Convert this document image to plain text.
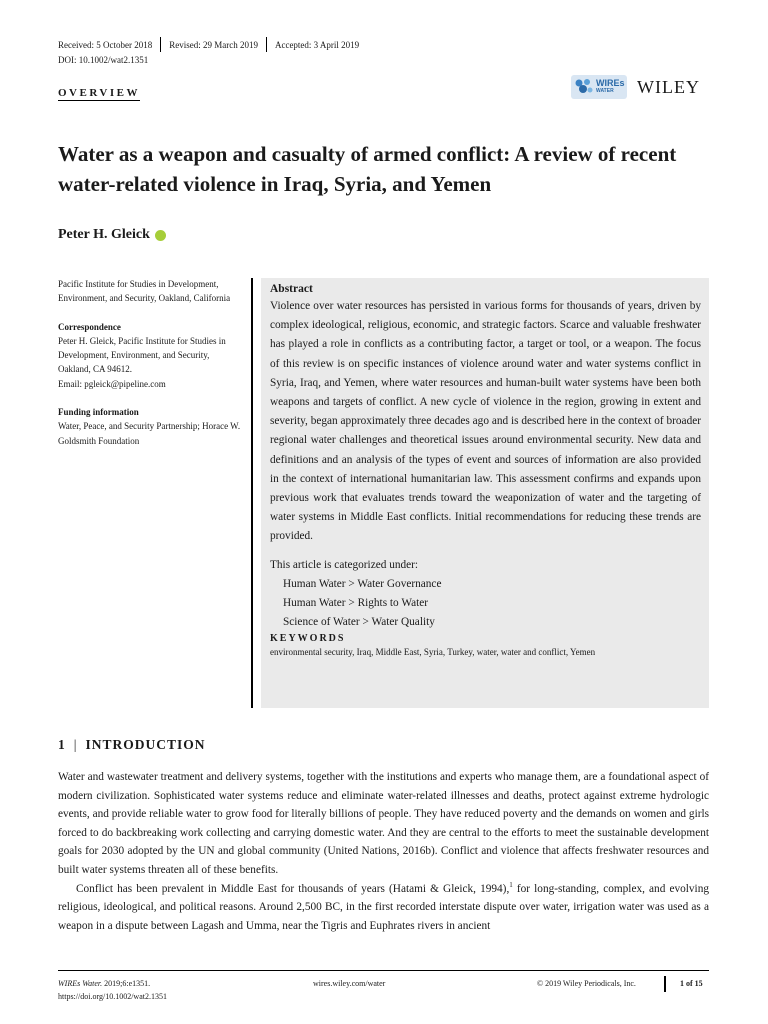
Received: 5 October 2018	Revised: 29 March 2019	Accepted: 3 April 2019
DOI: 10.1002/wat2.1351
OVERVIEW
WIREs
WATER	WILEY
Water as a weapon and casualty of armed conflict: A review of recent water-related violence in Iraq, Syria, and Yemen
Peter H. Gleick
Pacific Institute for Studies in Development, Environment, and Security, Oakland, California
Correspondence
Peter H. Gleick, Pacific Institute for Studies in Development, Environment, and Security, Oakland, CA 94612.
Email: pgleick@pipeline.com
Funding information
Water, Peace, and Security Partnership; Horace W. Goldsmith Foundation
Abstract
Violence over water resources has persisted in various forms for thousands of years, driven by complex ideological, religious, economic, and strategic factors. Scarce and valuable freshwater has played a role in conflicts as a contributing factor, a target or tool, or a weapon. The focus of this review is on specific instances of violence around water and water systems conflict in Syria, Iraq, and Yemen, where water resources and human-built water systems have been both weapons and targets of conflict. A new cycle of violence in the region, growing in extent and severity, began approximately three decades ago and is described here in the context of broader regional water challenges and theoretical issues around environmental security. New data and definitions and an analysis of the types of event and sources of information are also provided in the context of international humanitarian law. This assessment confirms and expands upon previous work that evaluates trends toward the weaponization of water and the targeting of water systems in Middle East conflicts. Initial recommendations for reducing these trends are provided.
This article is categorized under:
Human Water > Water Governance
Human Water > Rights to Water
Science of Water > Water Quality
KEYWORDS
environmental security, Iraq, Middle East, Syria, Turkey, water, water and conflict, Yemen
1 | INTRODUCTION

Water and wastewater treatment and delivery systems, together with the institutions and experts who manage them, are a foundational aspect of modern civilization. Sophisticated water systems reduce and eliminate water-related illnesses and deaths, protect against extreme hydrologic events, and provide reliable water to grow food for literally billions of people. They have reduced poverty and the demands on women and girls forced to do backbreaking work collecting and carrying domestic water. And they are central to the efforts to meet the sustainable development goals for 2030 adopted by the UN and global community (United Nations, 2016b). Conflict and violence that affects freshwater resources and built water systems threaten all of these benefits.

Conflict has been prevalent in Middle East for thousands of years (Hatami & Gleick, 1994),$^1$ for long-standing, complex, and evolving religious, ideological, and political reasons. Around 2,500 BC, in the first recorded interstate dispute over water, irrigation water was used as a weapon in a dispute between Lagash and Umma, near the Tigris and Euphrates rivers in ancient

WIREs Water. 2019;6:e1351.
https://doi.org/10.1002/wat2.1351
wires.wiley.com/water	© 2019 Wiley Periodicals, Inc.	1 of 15
